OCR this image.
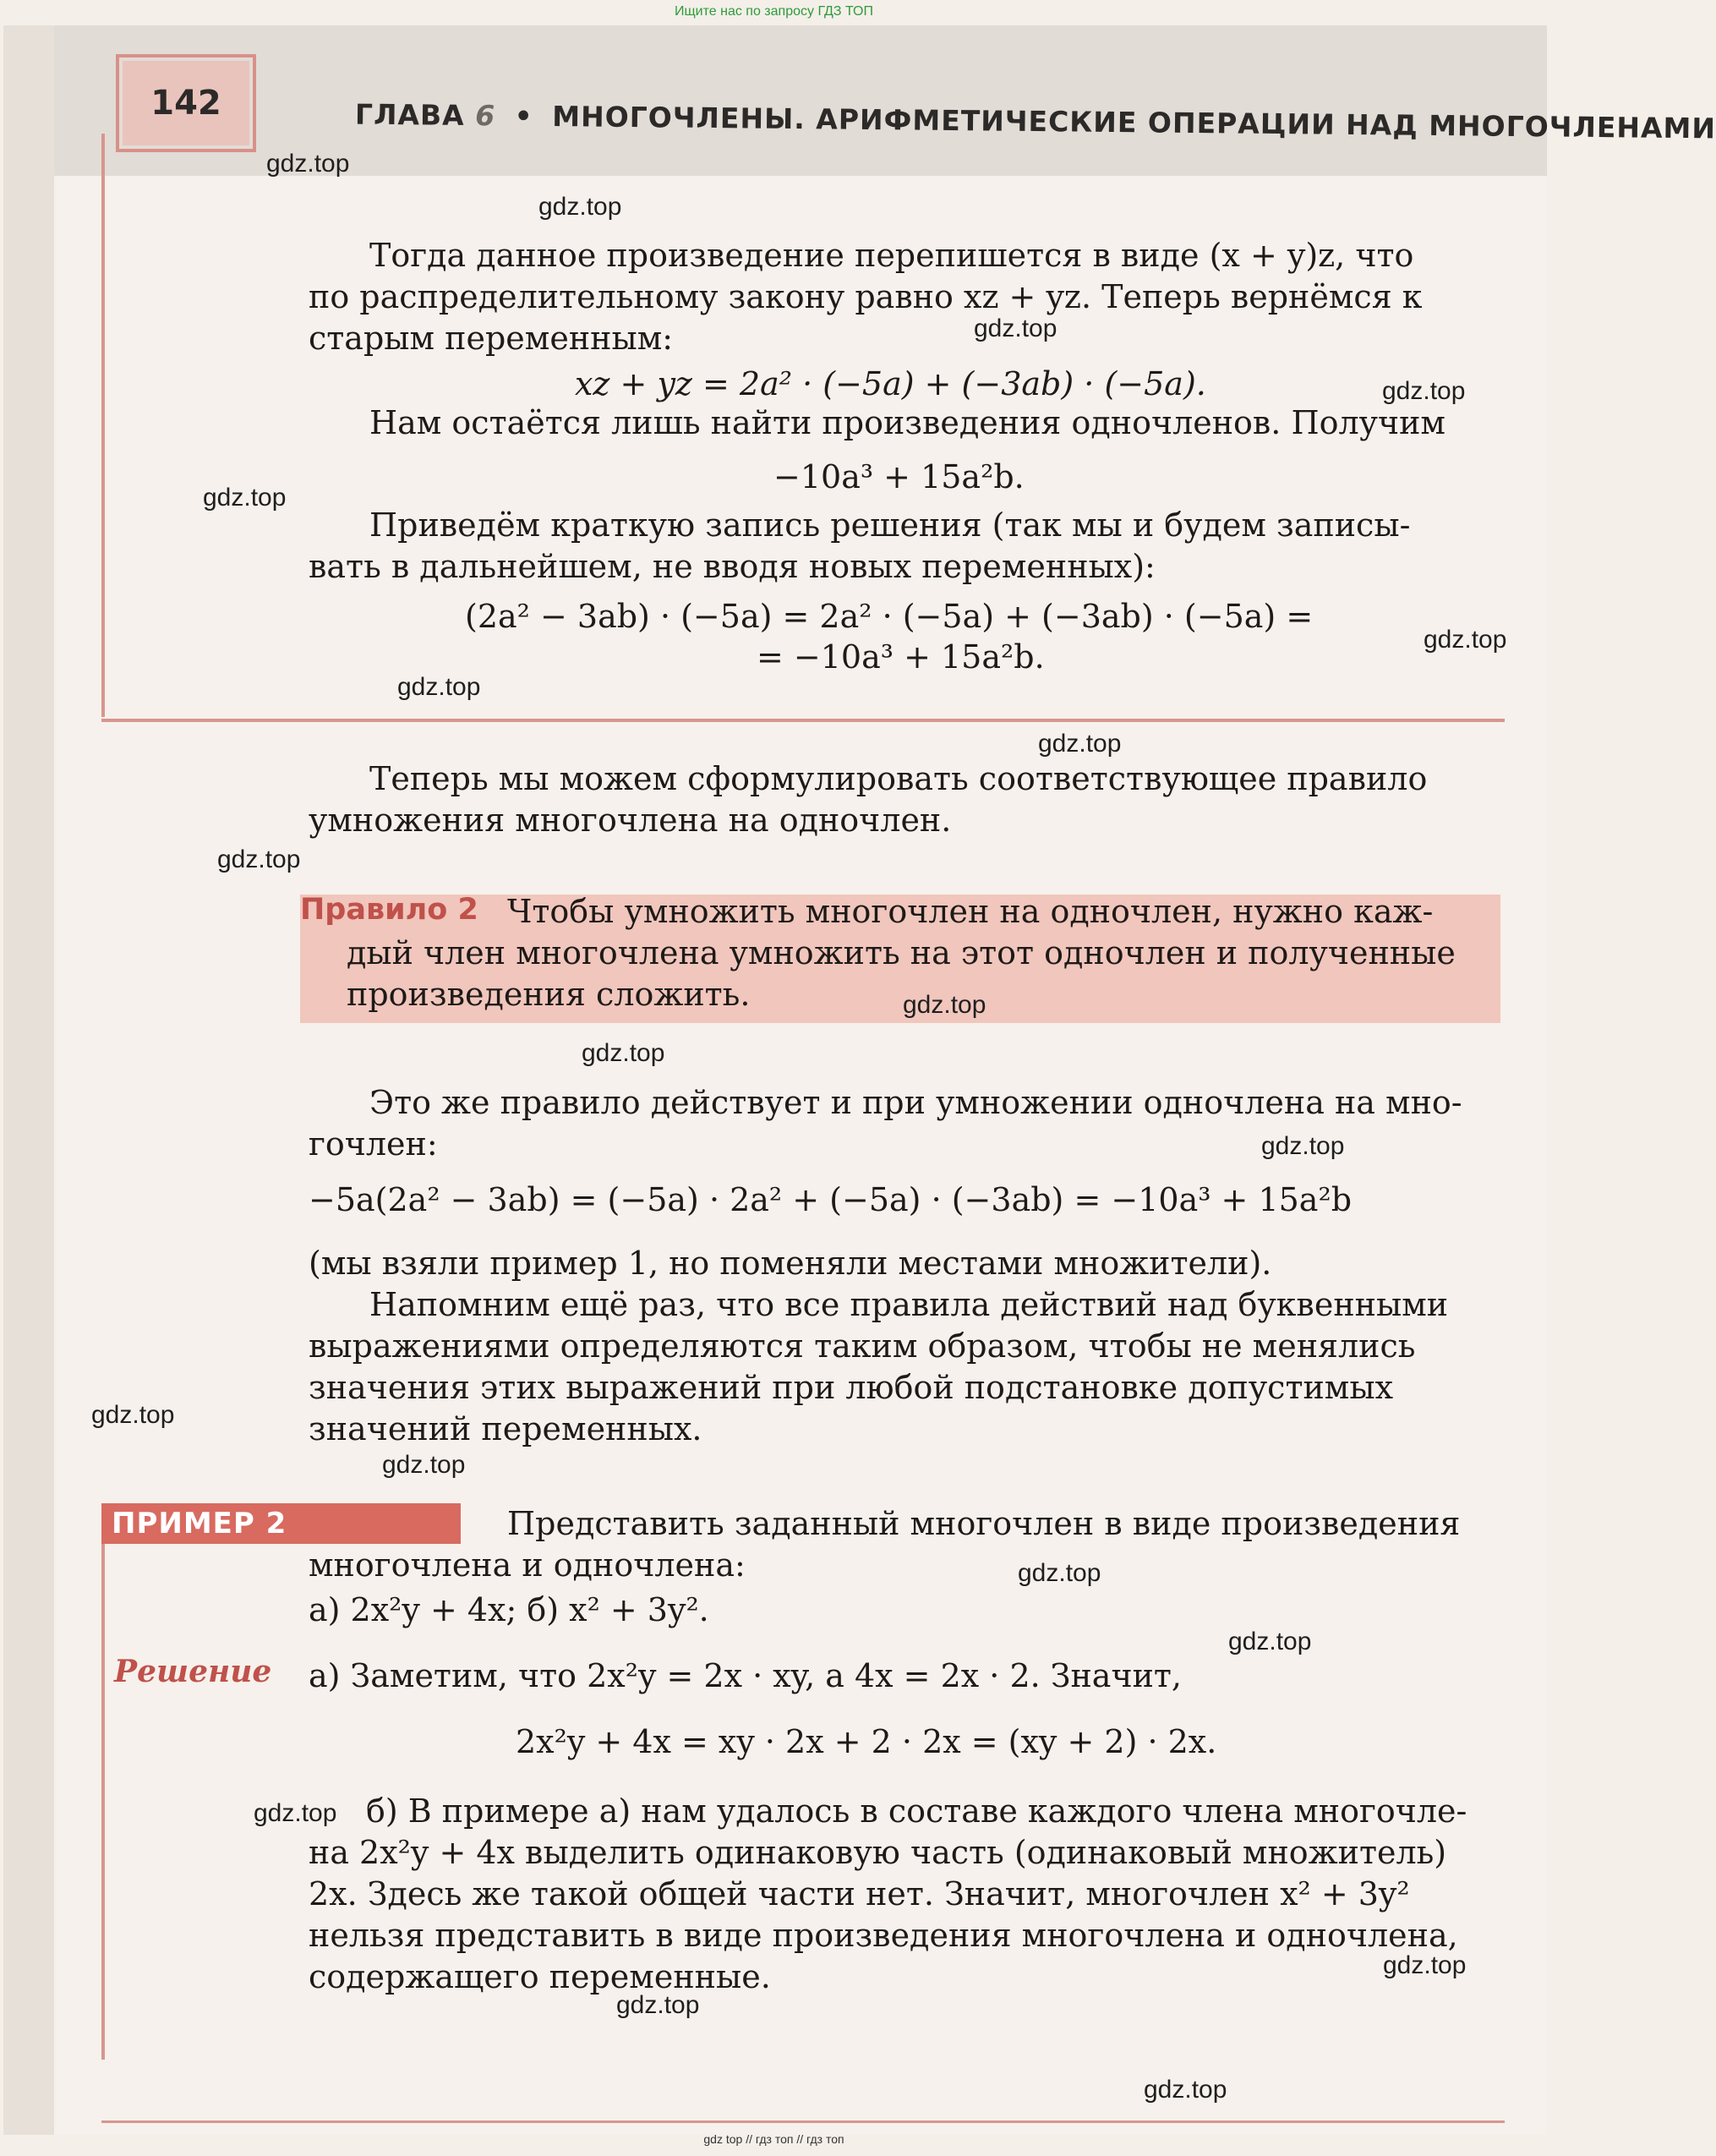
Ищите нас по запросу ГДЗ ТОП
142	ГЛАВА 6 • МНОГОЧЛЕНЫ. АРИФМЕТИЧЕСКИЕ ОПЕРАЦИИ НАД МНОГОЧЛЕНАМИ
Тогда данное произведение перепишется в виде (x + y)z, что
по распределительному закону равно xz + yz. Теперь вернёмся к
старым переменным:
xz + yz = 2a² · (−5a) + (−3ab) · (−5a).
Нам остаётся лишь найти произведения одночленов. Получим
−10a³ + 15a²b.
Приведём краткую запись решения (так мы и будем записы-
вать в дальнейшем, не вводя новых переменных):
(2a² − 3ab) · (−5a) = 2a² · (−5a) + (−3ab) · (−5a) =
= −10a³ + 15a²b.
Теперь мы можем сформулировать соответствующее правило
умножения многочлена на одночлен.
Правило 2 Чтобы умножить многочлен на одночлен, нужно каж-
дый член многочлена умножить на этот одночлен и полученные
произведения сложить.
Это же правило действует и при умножении одночлена на мно-
гочлен:
−5a(2a² − 3ab) = (−5a) · 2a² + (−5a) · (−3ab) = −10a³ + 15a²b
(мы взяли пример 1, но поменяли местами множители).
Напомним ещё раз, что все правила действий над буквенными
выражениями определяются таким образом, чтобы не менялись
значения этих выражений при любой подстановке допустимых
значений переменных.
ПРИМЕР 2	Представить заданный многочлен в виде произведения
многочлена и одночлена:
а) 2x²y + 4x; б) x² + 3y².
Решение а) Заметим, что 2x²y = 2x · xy, а 4x = 2x · 2. Значит,
2x²y + 4x = xy · 2x + 2 · 2x = (xy + 2) · 2x.
б) В примере а) нам удалось в составе каждого члена многочле-
на 2x²y + 4x выделить одинаковую часть (одинаковый множитель)
2x. Здесь же такой общей части нет. Значит, многочлен x² + 3y²
нельзя представить в виде произведения многочлена и одночлена,
содержащего переменные.
gdz.top
gdz.top
gdz.top
gdz.top
gdz.top
gdz.top
gdz.top
gdz.top
gdz.top
gdz.top
gdz.top
gdz.top
gdz.top
gdz.top
gdz.top
gdz.top
gdz.top
gdz.top
gdz.top
gdz.top
gdz top // гдз топ // гдз топ
